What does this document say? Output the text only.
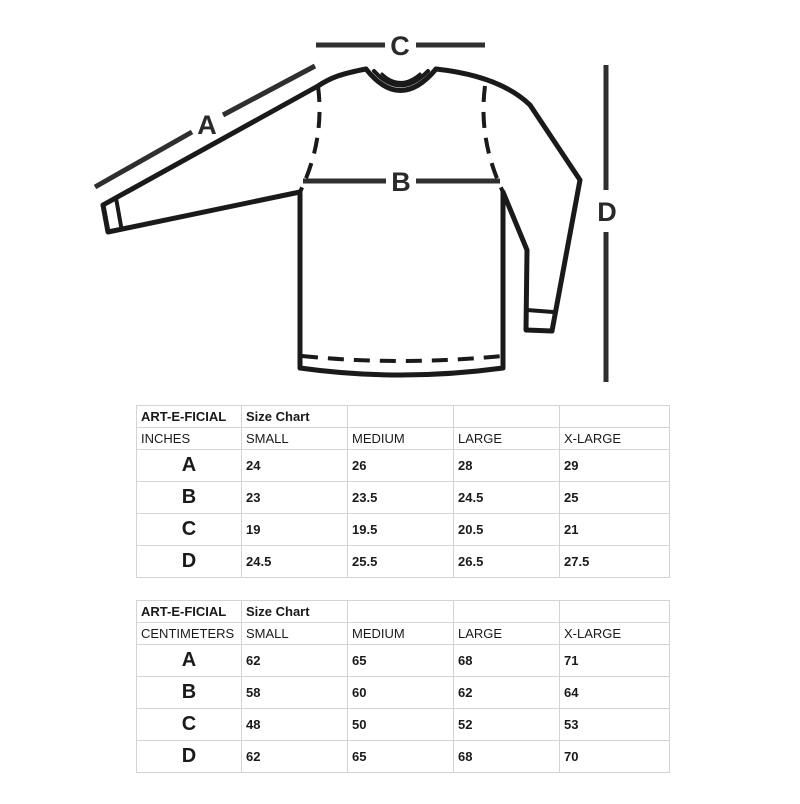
A
B
C
D
ART-E-FICIAL	Size Chart			
INCHES	SMALL	MEDIUM	LARGE	X-LARGE
A	24	26	28	29
B	23	23.5	24.5	25
C	19	19.5	20.5	21
D	24.5	25.5	26.5	27.5
ART-E-FICIAL	Size Chart			
CENTIMETERS	SMALL	MEDIUM	LARGE	X-LARGE
A	62	65	68	71
B	58	60	62	64
C	48	50	52	53
D	62	65	68	70
